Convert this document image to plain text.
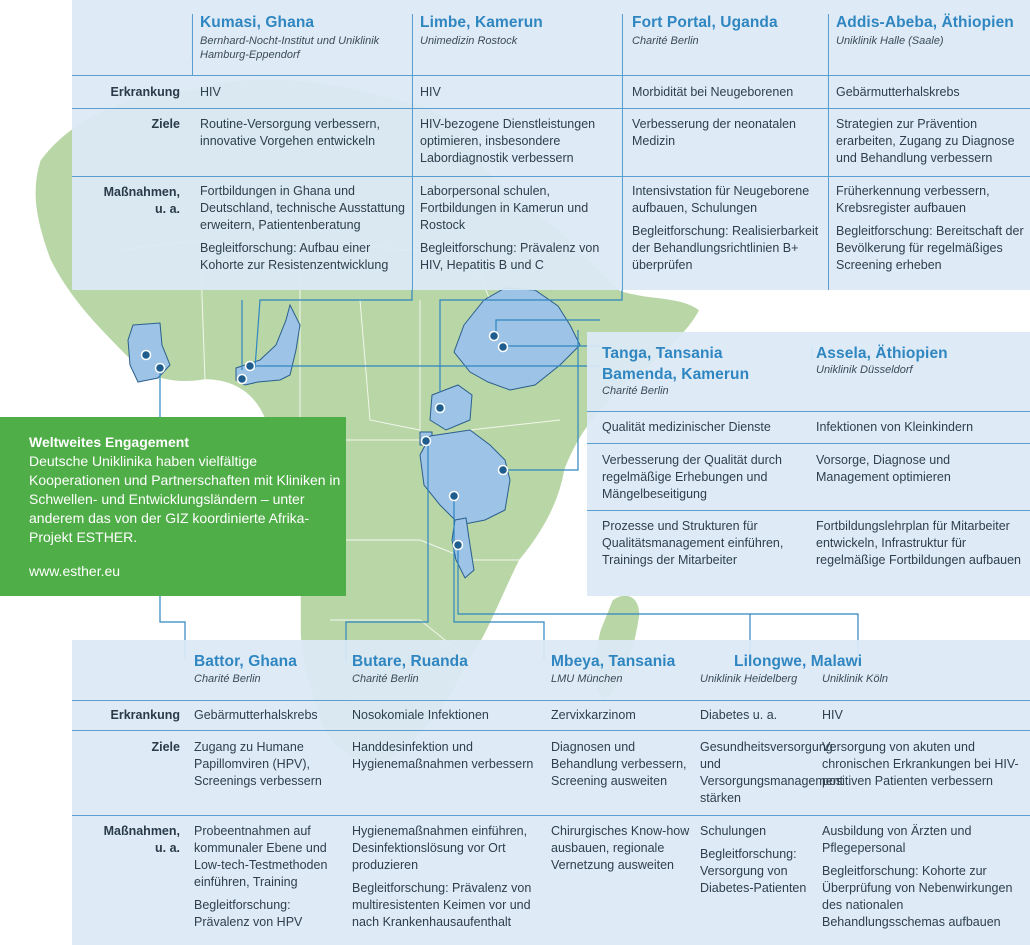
Erkrankung
Ziele
Maßnahmen,
u. a.
Kumasi, Ghana
Bernhard-Nocht-Institut und Uniklinik Hamburg-Eppendorf
HIV
Routine-Versorgung verbessern, innovative Vorgehen entwickeln

Fortbildungen in Ghana und Deutschland, technische Ausstattung erweitern, Patientenberatung

Begleitforschung: Aufbau einer Kohorte zur Resistenzentwicklung

Limbe, Kamerun
Unimedizin Rostock
HIV
HIV-bezogene Dienstleistungen optimieren, insbesondere Labordiagnostik verbessern

Laborpersonal schulen, Fortbildungen in Kamerun und Rostock

Begleitforschung: Prävalenz von HIV, Hepatitis B und C

Fort Portal, Uganda
Charité Berlin
Morbidität bei Neugeborenen
Verbesserung der neonatalen Medizin

Intensivstation für Neugeborene aufbauen, Schulungen

Begleitforschung: Realisierbarkeit der Behandlungsrichtlinien B+ überprüfen

Addis-Abeba, Äthiopien
Uniklinik Halle (Saale)
Gebärmutterhalskrebs
Strategien zur Prävention erarbeiten, Zugang zu Diagnose und Behandlung verbessern

Früherkennung verbessern, Krebsregister aufbauen

Begleitforschung: Bereitschaft der Bevölkerung für regelmäßiges Screening erheben

Tanga, Tansania
Bamenda, Kamerun
Charité Berlin
Qualität medizinischer Dienste
Verbesserung der Qualität durch regelmäßige Erhebungen und Mängelbeseitigung
Prozesse und Strukturen für Qualitätsmanagement einführen, Trainings der Mitarbeiter
Assela, Äthiopien
Uniklinik Düsseldorf
Infektionen von Kleinkindern
Vorsorge, Diagnose und Management optimieren
Fortbildungslehrplan für Mitarbeiter entwickeln, Infrastruktur für regelmäßige Fortbildungen aufbauen
Weltweites Engagement
Deutsche Uniklinika haben vielfältige Kooperationen und Partnerschaften mit Kliniken in Schwellen- und Entwicklungsländern – unter anderem das von der GIZ koordinierte Afrika-Projekt ESTHER.
www.esther.eu
Erkrankung
Ziele
Maßnahmen,
u. a.
Battor, Ghana
Charité Berlin
Gebärmutterhalskrebs
Zugang zu Humane Papillomviren (HPV), Screenings verbessern

Probeentnahmen auf kommunaler Ebene und Low-tech-Testmethoden einführen, Training

Begleitforschung: Prävalenz von HPV

Butare, Ruanda
Charité Berlin
Nosokomiale Infektionen
Handdesinfektion und Hygienemaßnahmen verbessern

Hygienemaßnahmen einführen, Desinfektionslösung vor Ort produzieren

Begleitforschung: Prävalenz von multiresistenten Keimen vor und nach Krankenhausaufenthalt

Mbeya, Tansania
LMU München
Zervixkarzinom
Diagnosen und Behandlung verbessern, Screening ausweiten

Chirurgisches Know-how ausbauen, regionale Vernetzung ausweiten

Lilongwe, Malawi
Uniklinik Heidelberg
Diabetes u. a.
Gesundheitsversorgung und Versorgungsmanagement stärken

Schulungen

Begleitforschung: Versorgung von Diabetes-Patienten

Uniklinik Köln
HIV
Versorgung von akuten und chronischen Erkrankungen bei HIV-positiven Patienten verbessern

Ausbildung von Ärzten und Pflegepersonal

Begleitforschung: Kohorte zur Überprüfung von Nebenwirkungen des nationalen Behandlungsschemas aufbauen
